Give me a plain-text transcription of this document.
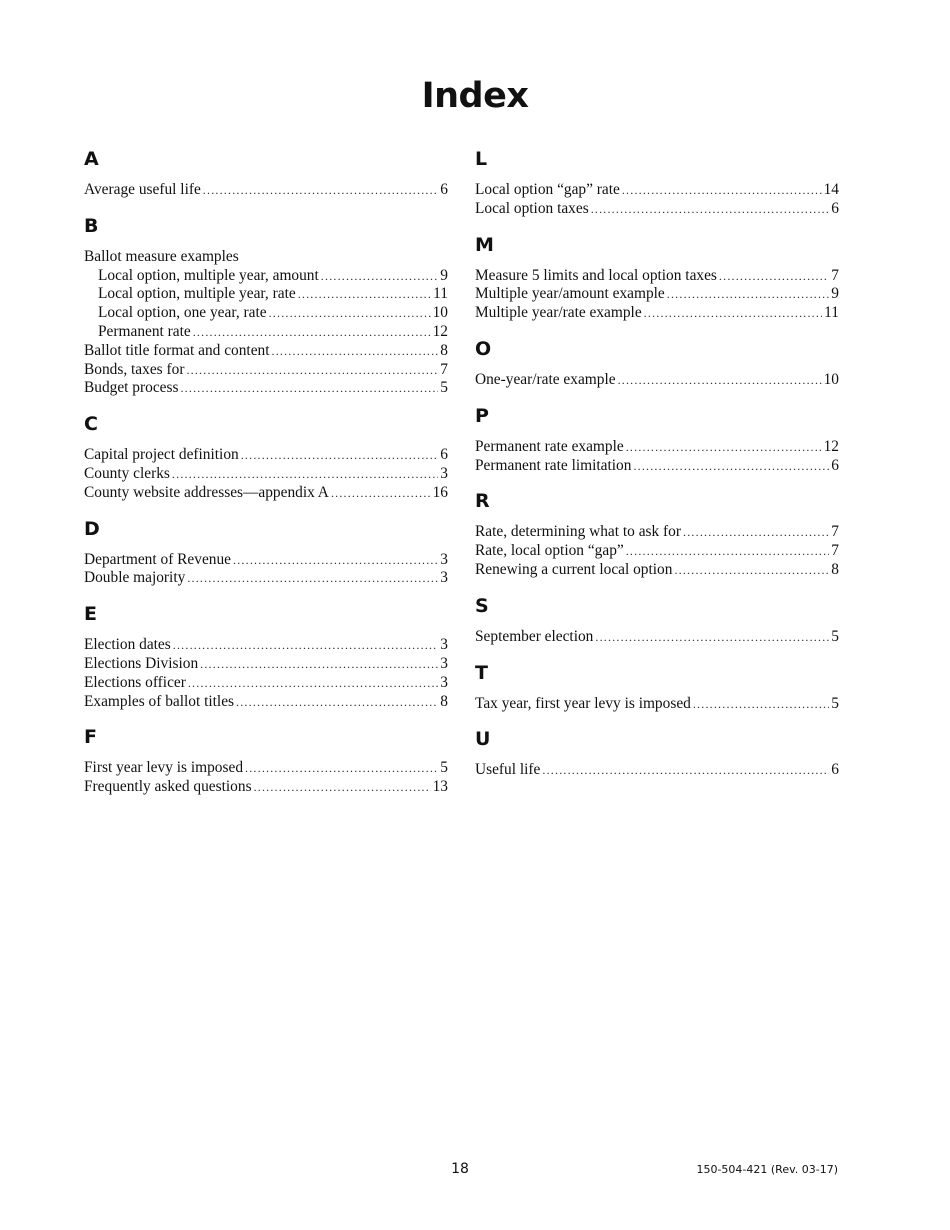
Index
A
Average useful life .....	6
B
Ballot measure examples
Local option, multiple year, amount .....	9
Local option, multiple year, rate .....	11
Local option, one year, rate .....	10
Permanent rate .....	12
Ballot title format and content .....	8
Bonds, taxes for .....	7
Budget process .....	5
C
Capital project definition .....	6
County clerks .....	3
County website addresses—appendix A .....	16
D
Department of Revenue .....	3
Double majority .....	3
E
Election dates .....	3
Elections Division .....	3
Elections officer .....	3
Examples of ballot titles .....	8
F
First year levy is imposed .....	5
Frequently asked questions .....	13
L
Local option “gap” rate .....	14
Local option taxes .....	6
M
Measure 5 limits and local option taxes .....	7
Multiple year/amount example .....	9
Multiple year/rate example .....	11
O
One-year/rate example .....	10
P
Permanent rate example .....	12
Permanent rate limitation .....	6
R
Rate, determining what to ask for .....	7
Rate, local option “gap” .....	7
Renewing a current local option .....	8
S
September election .....	5
T
Tax year, first year levy is imposed .....	5
U
Useful life .....	6
18	150-504-421 (Rev. 03-17)
